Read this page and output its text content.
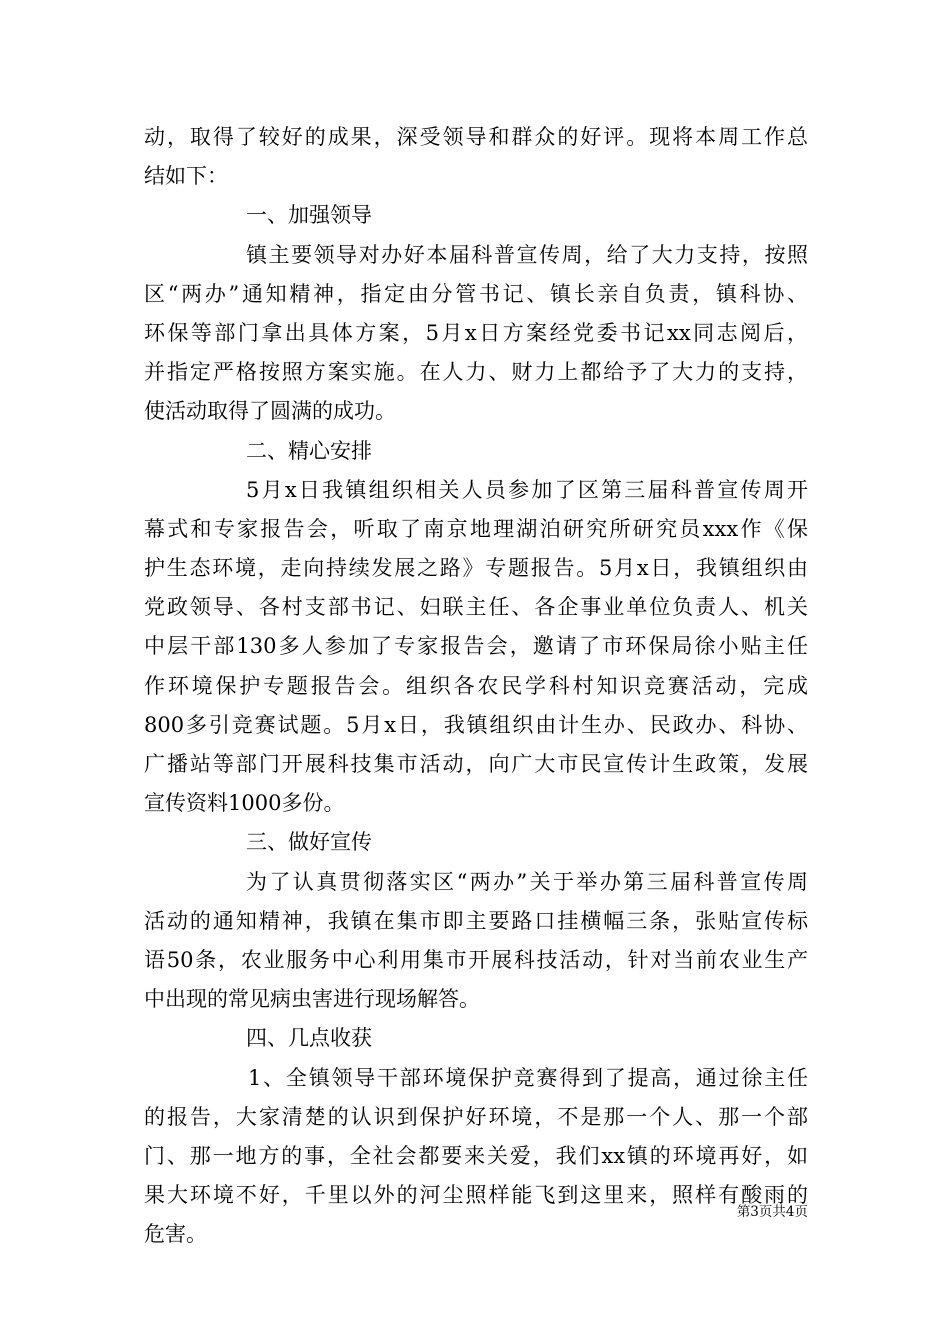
动，取得了较好的成果，深受领导和群众的好评。现将本周工作总
结如下：
一、加强领导
镇主要领导对办好本届科普宣传周，给了大力支持，按照
区“两办”通知精神，指定由分管书记、镇长亲自负责，镇科协、
环保等部门拿出具体方案，5月x日方案经党委书记xx同志阅后，
并指定严格按照方案实施。在人力、财力上都给予了大力的支持，
使活动取得了圆满的成功。
二、精心安排
5月x日我镇组织相关人员参加了区第三届科普宣传周开
幕式和专家报告会，听取了南京地理湖泊研究所研究员xxx作《保
护生态环境，走向持续发展之路》专题报告。5月x日，我镇组织由
党政领导、各村支部书记、妇联主任、各企事业单位负责人、机关
中层干部130多人参加了专家报告会，邀请了市环保局徐小贴主任
作环境保护专题报告会。组织各农民学科村知识竞赛活动，完成
800多引竞赛试题。5月x日，我镇组织由计生办、民政办、科协、
广播站等部门开展科技集市活动，向广大市民宣传计生政策，发展
宣传资料1000多份。
三、做好宣传
为了认真贯彻落实区“两办”关于举办第三届科普宣传周
活动的通知精神，我镇在集市即主要路口挂横幅三条，张贴宣传标
语50条，农业服务中心利用集市开展科技活动，针对当前农业生产
中出现的常见病虫害进行现场解答。
四、几点收获
1、全镇领导干部环境保护竞赛得到了提高，通过徐主任
的报告，大家清楚的认识到保护好环境，不是那一个人、那一个部
门、那一地方的事，全社会都要来关爱，我们xx镇的环境再好，如
果大环境不好，千里以外的河尘照样能飞到这里来，照样有酸雨的
危害。
第3页共4页
